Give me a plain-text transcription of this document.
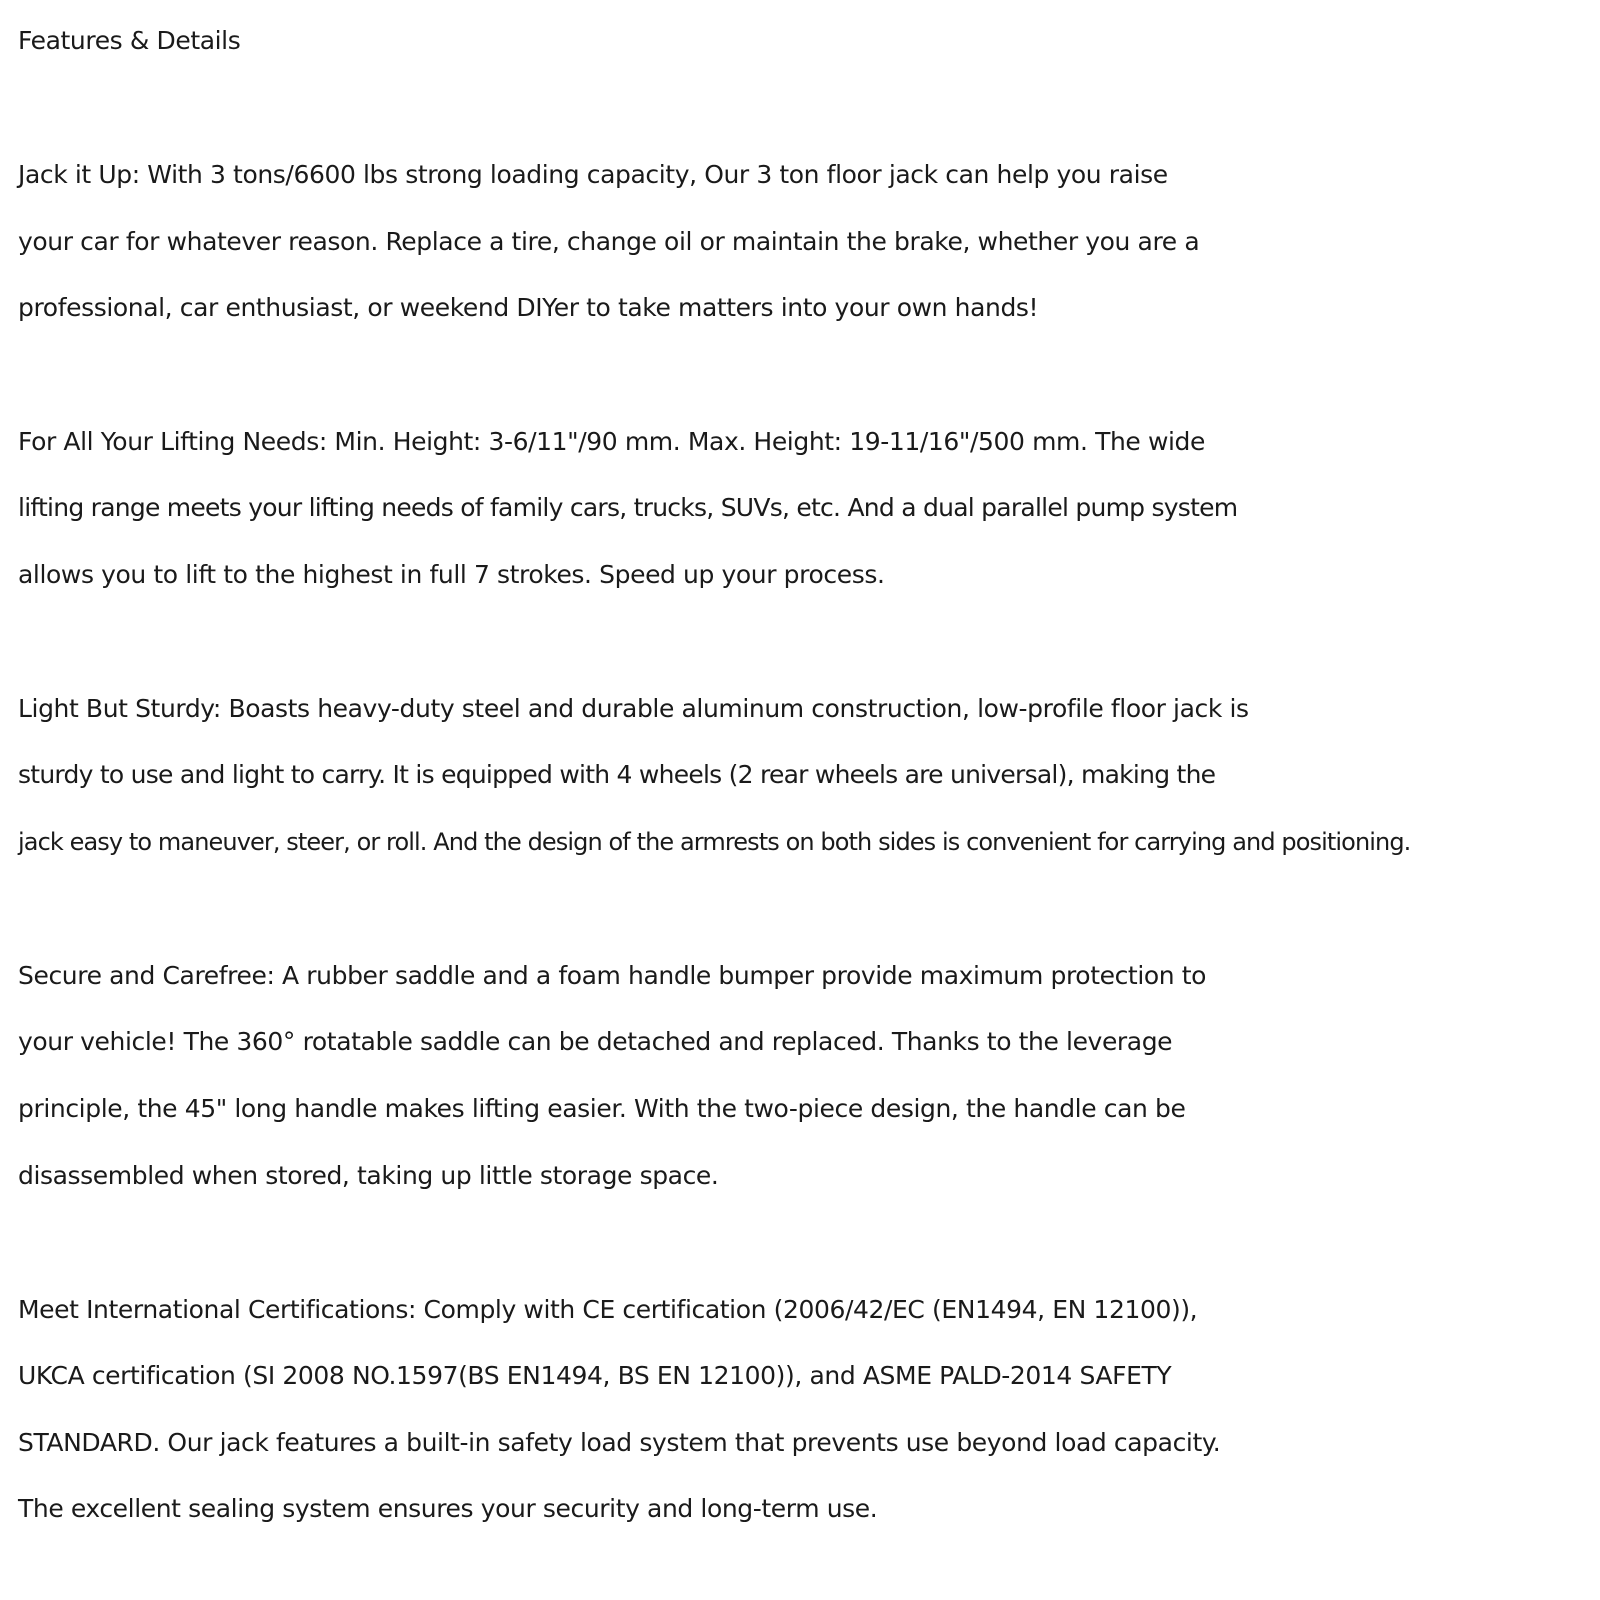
Features & Details
Jack it Up: With 3 tons/6600 lbs strong loading capacity, Our 3 ton floor jack can help you raise
your car for whatever reason. Replace a tire, change oil or maintain the brake, whether you are a
professional, car enthusiast, or weekend DIYer to take matters into your own hands!
For All Your Lifting Needs: Min. Height: 3-6/11"/90 mm. Max. Height: 19-11/16"/500 mm. The wide
lifting range meets your lifting needs of family cars, trucks, SUVs, etc. And a dual parallel pump system
allows you to lift to the highest in full 7 strokes. Speed up your process.
Light But Sturdy: Boasts heavy-duty steel and durable aluminum construction, low-profile floor jack is
sturdy to use and light to carry. It is equipped with 4 wheels (2 rear wheels are universal), making the
jack easy to maneuver, steer, or roll. And the design of the armrests on both sides is convenient for carrying and positioning.
Secure and Carefree: A rubber saddle and a foam handle bumper provide maximum protection to
your vehicle! The 360° rotatable saddle can be detached and replaced. Thanks to the leverage
principle, the 45" long handle makes lifting easier. With the two-piece design, the handle can be
disassembled when stored, taking up little storage space.
Meet International Certifications: Comply with CE certification (2006/42/EC (EN1494, EN 12100)),
UKCA certification (SI 2008 NO.1597(BS EN1494, BS EN 12100)), and ASME PALD-2014 SAFETY
STANDARD. Our jack features a built-in safety load system that prevents use beyond load capacity.
The excellent sealing system ensures your security and long-term use.
